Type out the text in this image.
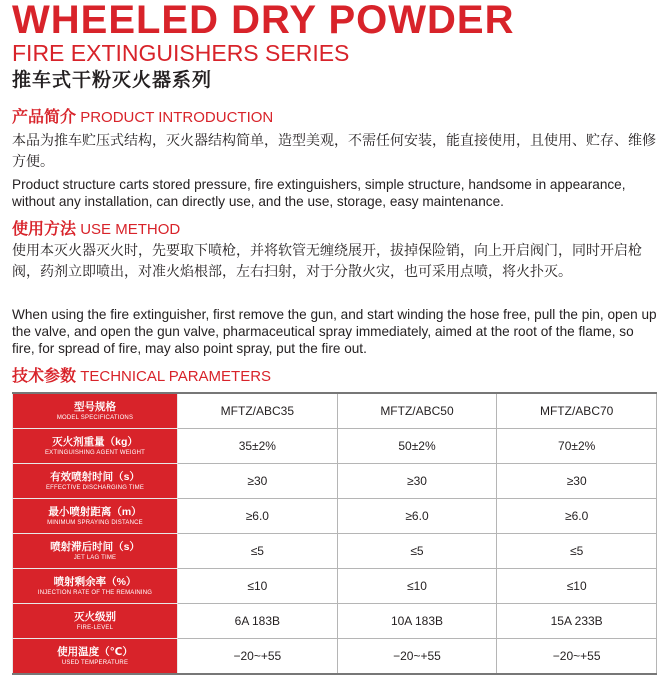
WHEELED DRY POWDER
FIRE EXTINGUISHERS SERIES
推车式干粉灭火器系列
产品简介 PRODUCT INTRODUCTION
本品为推车贮压式结构，灭火器结构简单，造型美观，不需任何安装，能直接使用，且使用、贮存、维修方便。
Product structure carts stored pressure, fire extinguishers, simple structure, handsome in appearance, without any installation, can directly use, and the use, storage, easy maintenance.
使用方法 USE METHOD
使用本灭火器灭火时，先要取下喷枪，并将软管无缠绕展开，拔掉保险销，向上开启阀门，同时开启枪阀，药剂立即喷出，对准火焰根部，左右扫射，对于分散火灾，也可采用点喷，将火扑灭。
When using the fire extinguisher, first remove the gun, and start winding the hose free, pull the pin, open up the valve, and open the gun valve, pharmaceutical spray immediately, aimed at the root of the flame, so fire, for spread of fire, may also point spray, put the fire out.
技术参数 TECHNICAL PARAMETERS
型号规格
MODEL SPECIFICATIONS	MFTZ/ABC35	MFTZ/ABC50	MFTZ/ABC70

灭火剂重量（kg）
EXTINGUISHING AGENT WEIGHT	35±2%	50±2%	70±2%

有效喷射时间（s）
EFFECTIVE DISCHARGING TIME	≥30	≥30	≥30

最小喷射距离（m）
MINIMUM SPRAYING DISTANCE	≥6.0	≥6.0	≥6.0

喷射滞后时间（s）
JET LAG TIME	≤5	≤5	≤5

喷射剩余率（%）
INJECTION RATE OF THE REMAINING	≤10	≤10	≤10

灭火级别
FIRE-LEVEL	6A 183B	10A 183B	15A 233B

使用温度（℃）
USED TEMPERATURE	−20~+55	−20~+55	−20~+55
